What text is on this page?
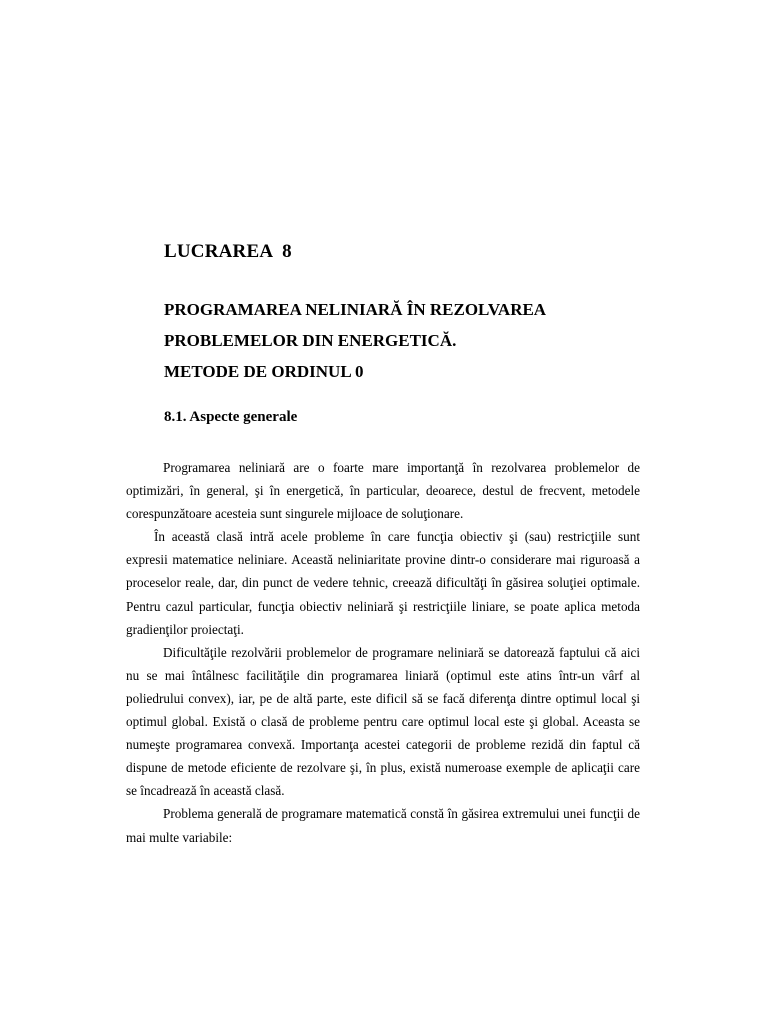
LUCRAREA  8
PROGRAMAREA NELINIARĂ ÎN REZOLVAREA
PROBLEMELOR DIN ENERGETICĂ.
METODE DE ORDINUL 0
8.1. Aspecte generale

Programarea neliniară are o foarte mare importanţă în rezolvarea problemelor de optimizări, în general, şi în energetică, în particular, deoarece, destul de frecvent, metodele corespunzătoare acesteia sunt singurele mijloace de soluţionare.

În această clasă intră acele probleme în care funcţia obiectiv şi (sau) restricţiile sunt expresii matematice neliniare. Această neliniaritate provine dintr-o considerare mai riguroasă a proceselor reale, dar, din punct de vedere tehnic, creează dificultăţi în găsirea soluţiei optimale. Pentru cazul particular, funcţia obiectiv neliniară şi restricţiile liniare, se poate aplica metoda gradienţilor proiectaţi.

Dificultăţile rezolvării problemelor de programare neliniară se datorează faptului că aici nu se mai întâlnesc facilităţile din programarea liniară (optimul este atins într-un vârf al poliedrului convex), iar, pe de altă parte, este dificil să se facă diferenţa dintre optimul local şi optimul global. Există o clasă de probleme pentru care optimul local este şi global. Aceasta se numeşte programarea convexă. Importanţa acestei categorii de probleme rezidă din faptul că dispune de metode eficiente de rezolvare şi, în plus, există numeroase exemple de aplicaţii care se încadrează în această clasă.

Problema generală de programare matematică constă în găsirea extremului unei funcţii de mai multe variabile:
